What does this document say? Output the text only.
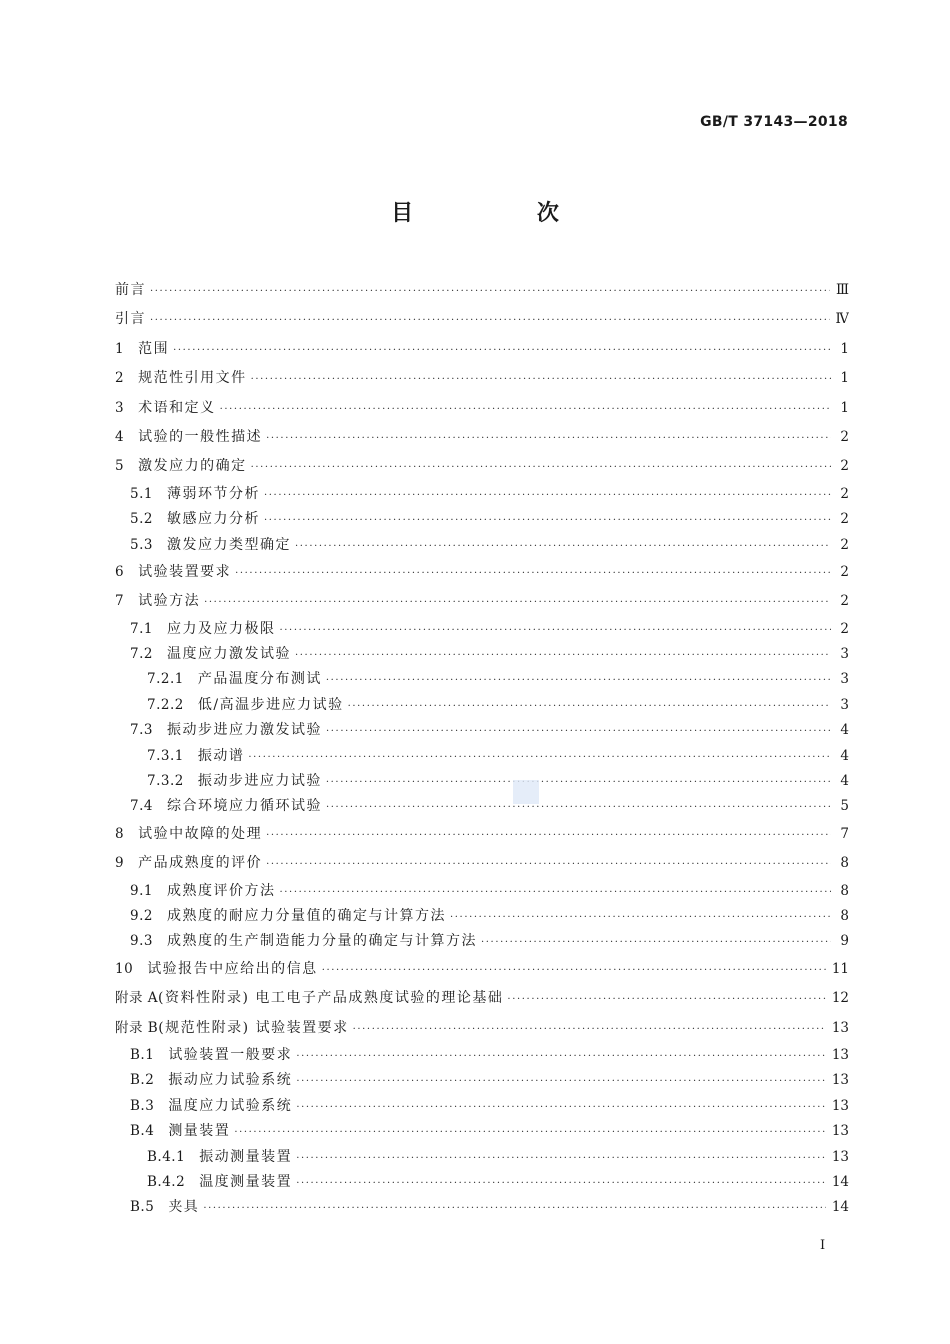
GB/T 37143—2018
目 次
前言 ·····	Ⅲ
引言 ·····	Ⅳ
1 范围 ·····	1
2 规范性引用文件 ·····	1
3 术语和定义 ·····	1
4 试验的一般性描述 ·····	2
5 激发应力的确定 ·····	2
5.1 薄弱环节分析 ·····	2
5.2 敏感应力分析 ·····	2
5.3 激发应力类型确定 ·····	2
6 试验装置要求 ·····	2
7 试验方法 ·····	2
7.1 应力及应力极限 ·····	2
7.2 温度应力激发试验 ·····	3
7.2.1 产品温度分布测试 ·····	3
7.2.2 低/高温步进应力试验 ·····	3
7.3 振动步进应力激发试验 ·····	4
7.3.1 振动谱 ·····	4
7.3.2 振动步进应力试验 ·····	4
7.4 综合环境应力循环试验 ·····	5
8 试验中故障的处理 ·····	7
9 产品成熟度的评价 ·····	8
9.1 成熟度评价方法 ·····	8
9.2 成熟度的耐应力分量值的确定与计算方法 ·····	8
9.3 成熟度的生产制造能力分量的确定与计算方法 ·····	9
10 试验报告中应给出的信息 ·····	11
附录 A(资料性附录) 电工电子产品成熟度试验的理论基础 ·····	12
附录 B(规范性附录) 试验装置要求 ·····	13
B.1 试验装置一般要求 ·····	13
B.2 振动应力试验系统 ·····	13
B.3 温度应力试验系统 ·····	13
B.4 测量装置 ·····	13
B.4.1 振动测量装置 ·····	13
B.4.2 温度测量装置 ·····	14
B.5 夹具 ·····	14
I
